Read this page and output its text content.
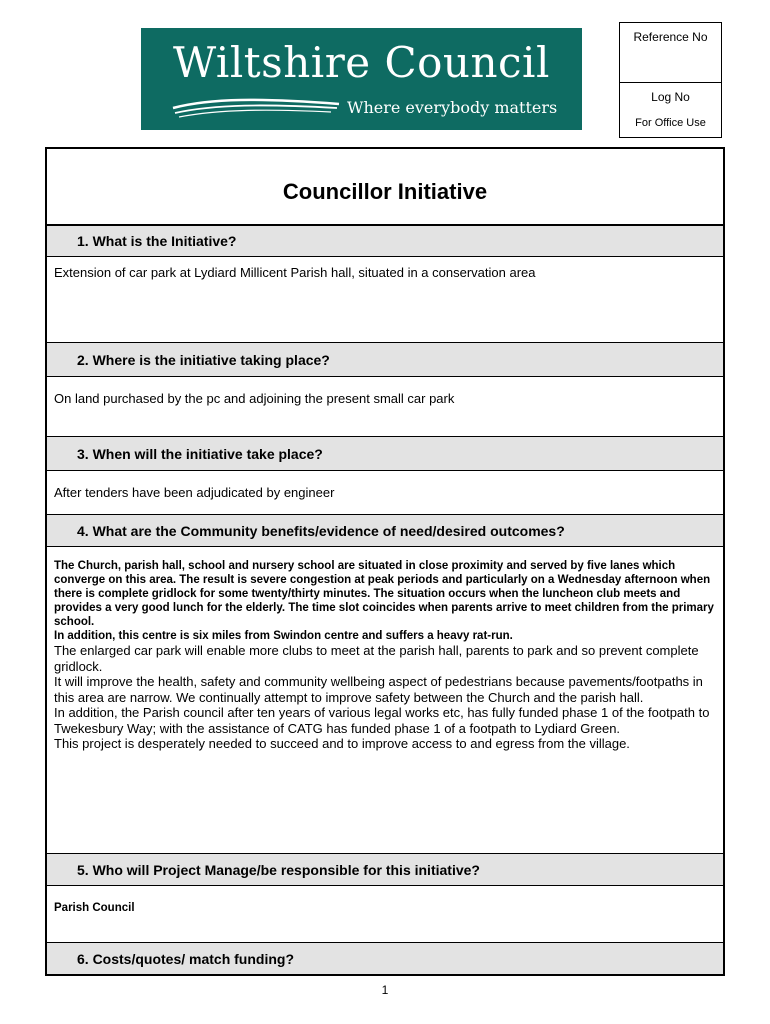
Wiltshire Council
Where everybody matters
Reference No
Log No
For Office Use
Councillor Initiative
1. What is the Initiative?
Extension of car park at Lydiard Millicent Parish hall, situated in a conservation area
2. Where is the initiative taking place?
On land purchased by the pc and adjoining the present small car park
3. When will the initiative take place?
After tenders have been adjudicated by engineer
4. What are the Community benefits/evidence of need/desired outcomes?

The Church, parish hall, school and nursery school are situated in close proximity and served by five lanes which converge on this area. The result is severe congestion at peak periods and particularly on a Wednesday afternoon when there is complete gridlock for some twenty/thirty minutes. The situation occurs when the luncheon club meets and provides a very good lunch for the elderly. The time slot coincides when parents arrive to meet children from the primary school.

In addition, this centre is six miles from Swindon centre and suffers a heavy rat-run.

The enlarged car park will enable more clubs to meet at the parish hall, parents to park and so prevent complete gridlock.

It will improve the health, safety and community wellbeing aspect of pedestrians because pavements/footpaths in this area are narrow. We continually attempt to improve safety between the Church and the parish hall.

In addition, the Parish council after ten years of various legal works etc, has fully funded phase 1 of the footpath to Twekesbury Way; with the assistance of CATG has funded phase 1 of a footpath to Lydiard Green.

This project is desperately needed to succeed and to improve access to and egress from the village.

5. Who will Project Manage/be responsible for this initiative?
Parish Council
6. Costs/quotes/ match funding?
1
